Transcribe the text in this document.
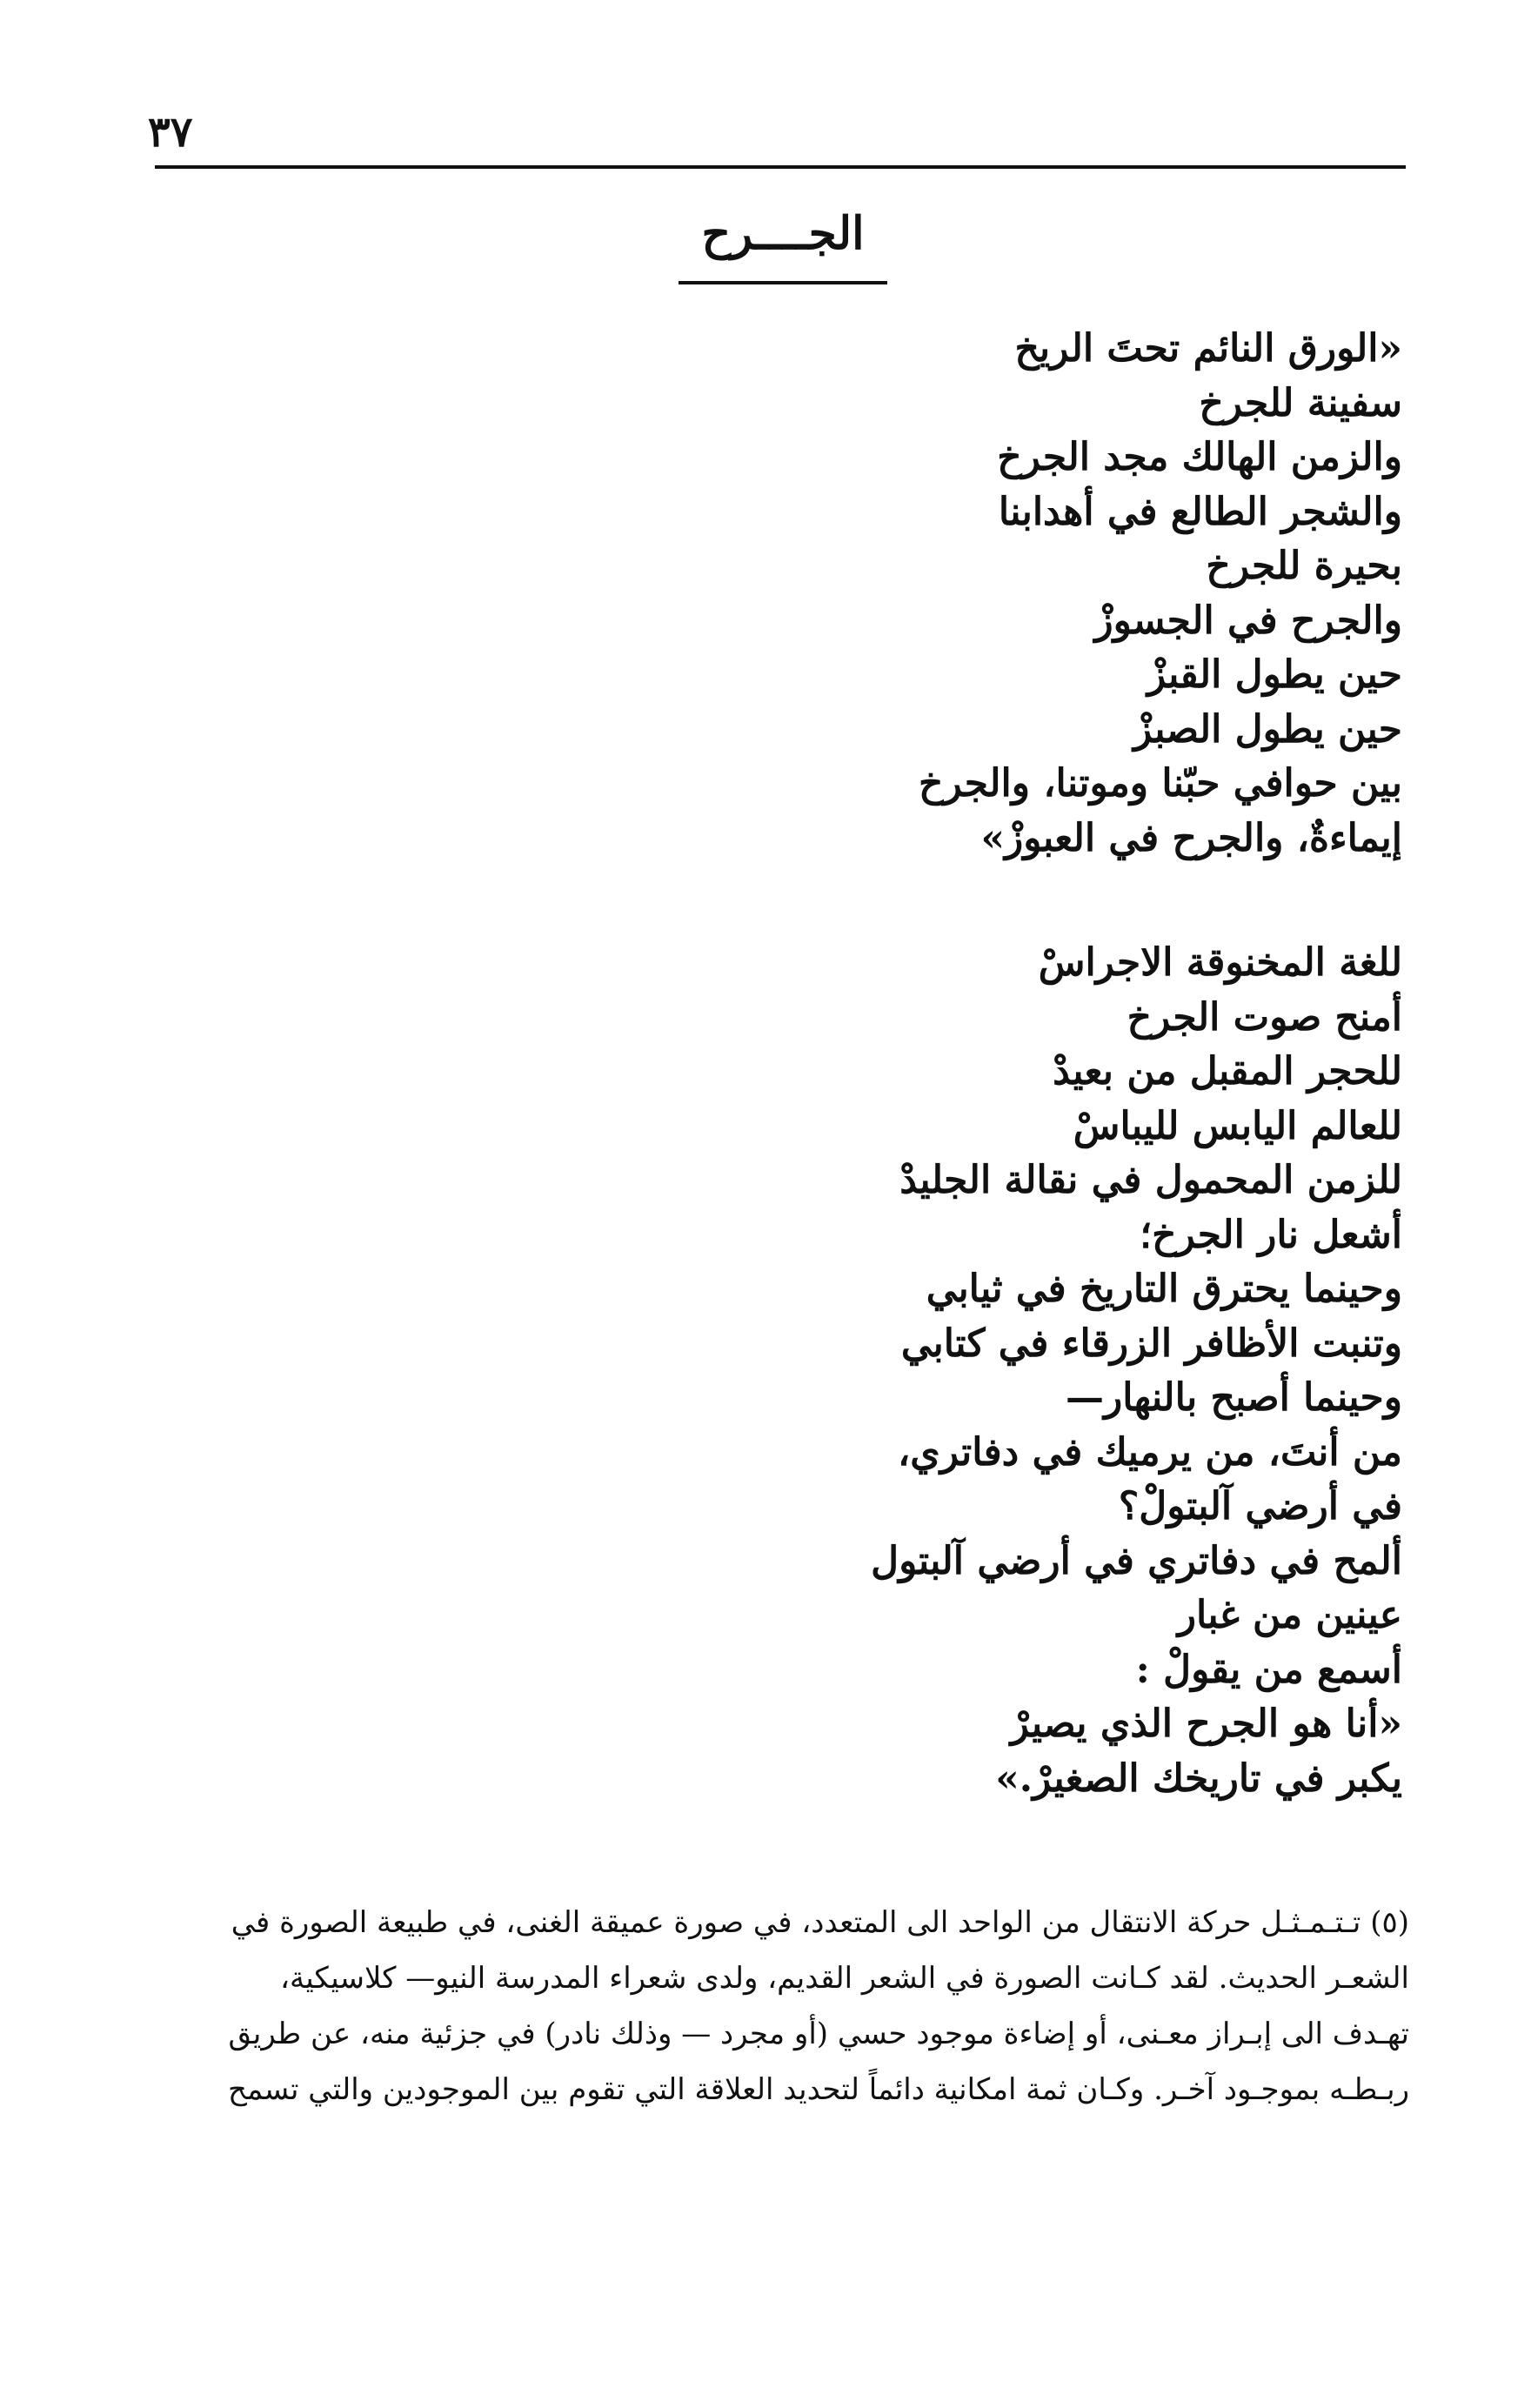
٣٧
الجــــرح
«الورق النائم تحتَ الريخ
سفينة للجرخ
والزمن الهالك مجد الجرخ
والشجر الطالع في أهدابنا
بحيرة للجرخ
والجرح في الجسوزْ
حين يطول القبزْ
حين يطول الصبزْ
بين حوافي حبّنا وموتنا، والجرخ
إيماءةٌ، والجرح في العبوزْ»
للغة المخنوقة الاجراسْ
أمنح صوت الجرخ
للحجر المقبل من بعيدْ
للعالم اليابس لليباسْ
للزمن المحمول في نقالة الجليدْ
أشعل نار الجرخ؛
وحينما يحترق التاريخ في ثيابي
وتنبت الأظافر الزرقاء في كتابي
وحينما أصبح بالنهار—
من أنتَ، من يرميك في دفاتري،
في أرضي آلبتولْ؟
ألمح في دفاتري في أرضي آلبتول
عينين من غبار
أسمع من يقولْ :
«أنا هو الجرح الذي يصيرْ
يكبر في تاريخك الصغيرْ.»
(٥) تـتـمـثـل حركة الانتقال من الواحد الى المتعدد، في صورة عميقة الغنى، في طبيعة الصورة في
الشعـر الحديث. لقد كـانت الصورة في الشعر القديم، ولدى شعراء المدرسة النيو— كلاسيكية،
تهـدف الى إبـراز معـنى، أو إضاءة موجود حسي (أو مجرد — وذلك نادر) في جزئية منه، عن طريق
ربـطـه بموجـود آخـر. وكـان ثمة امكانية دائماً لتحديد العلاقة التي تقوم بين الموجودين والتي تسمح
